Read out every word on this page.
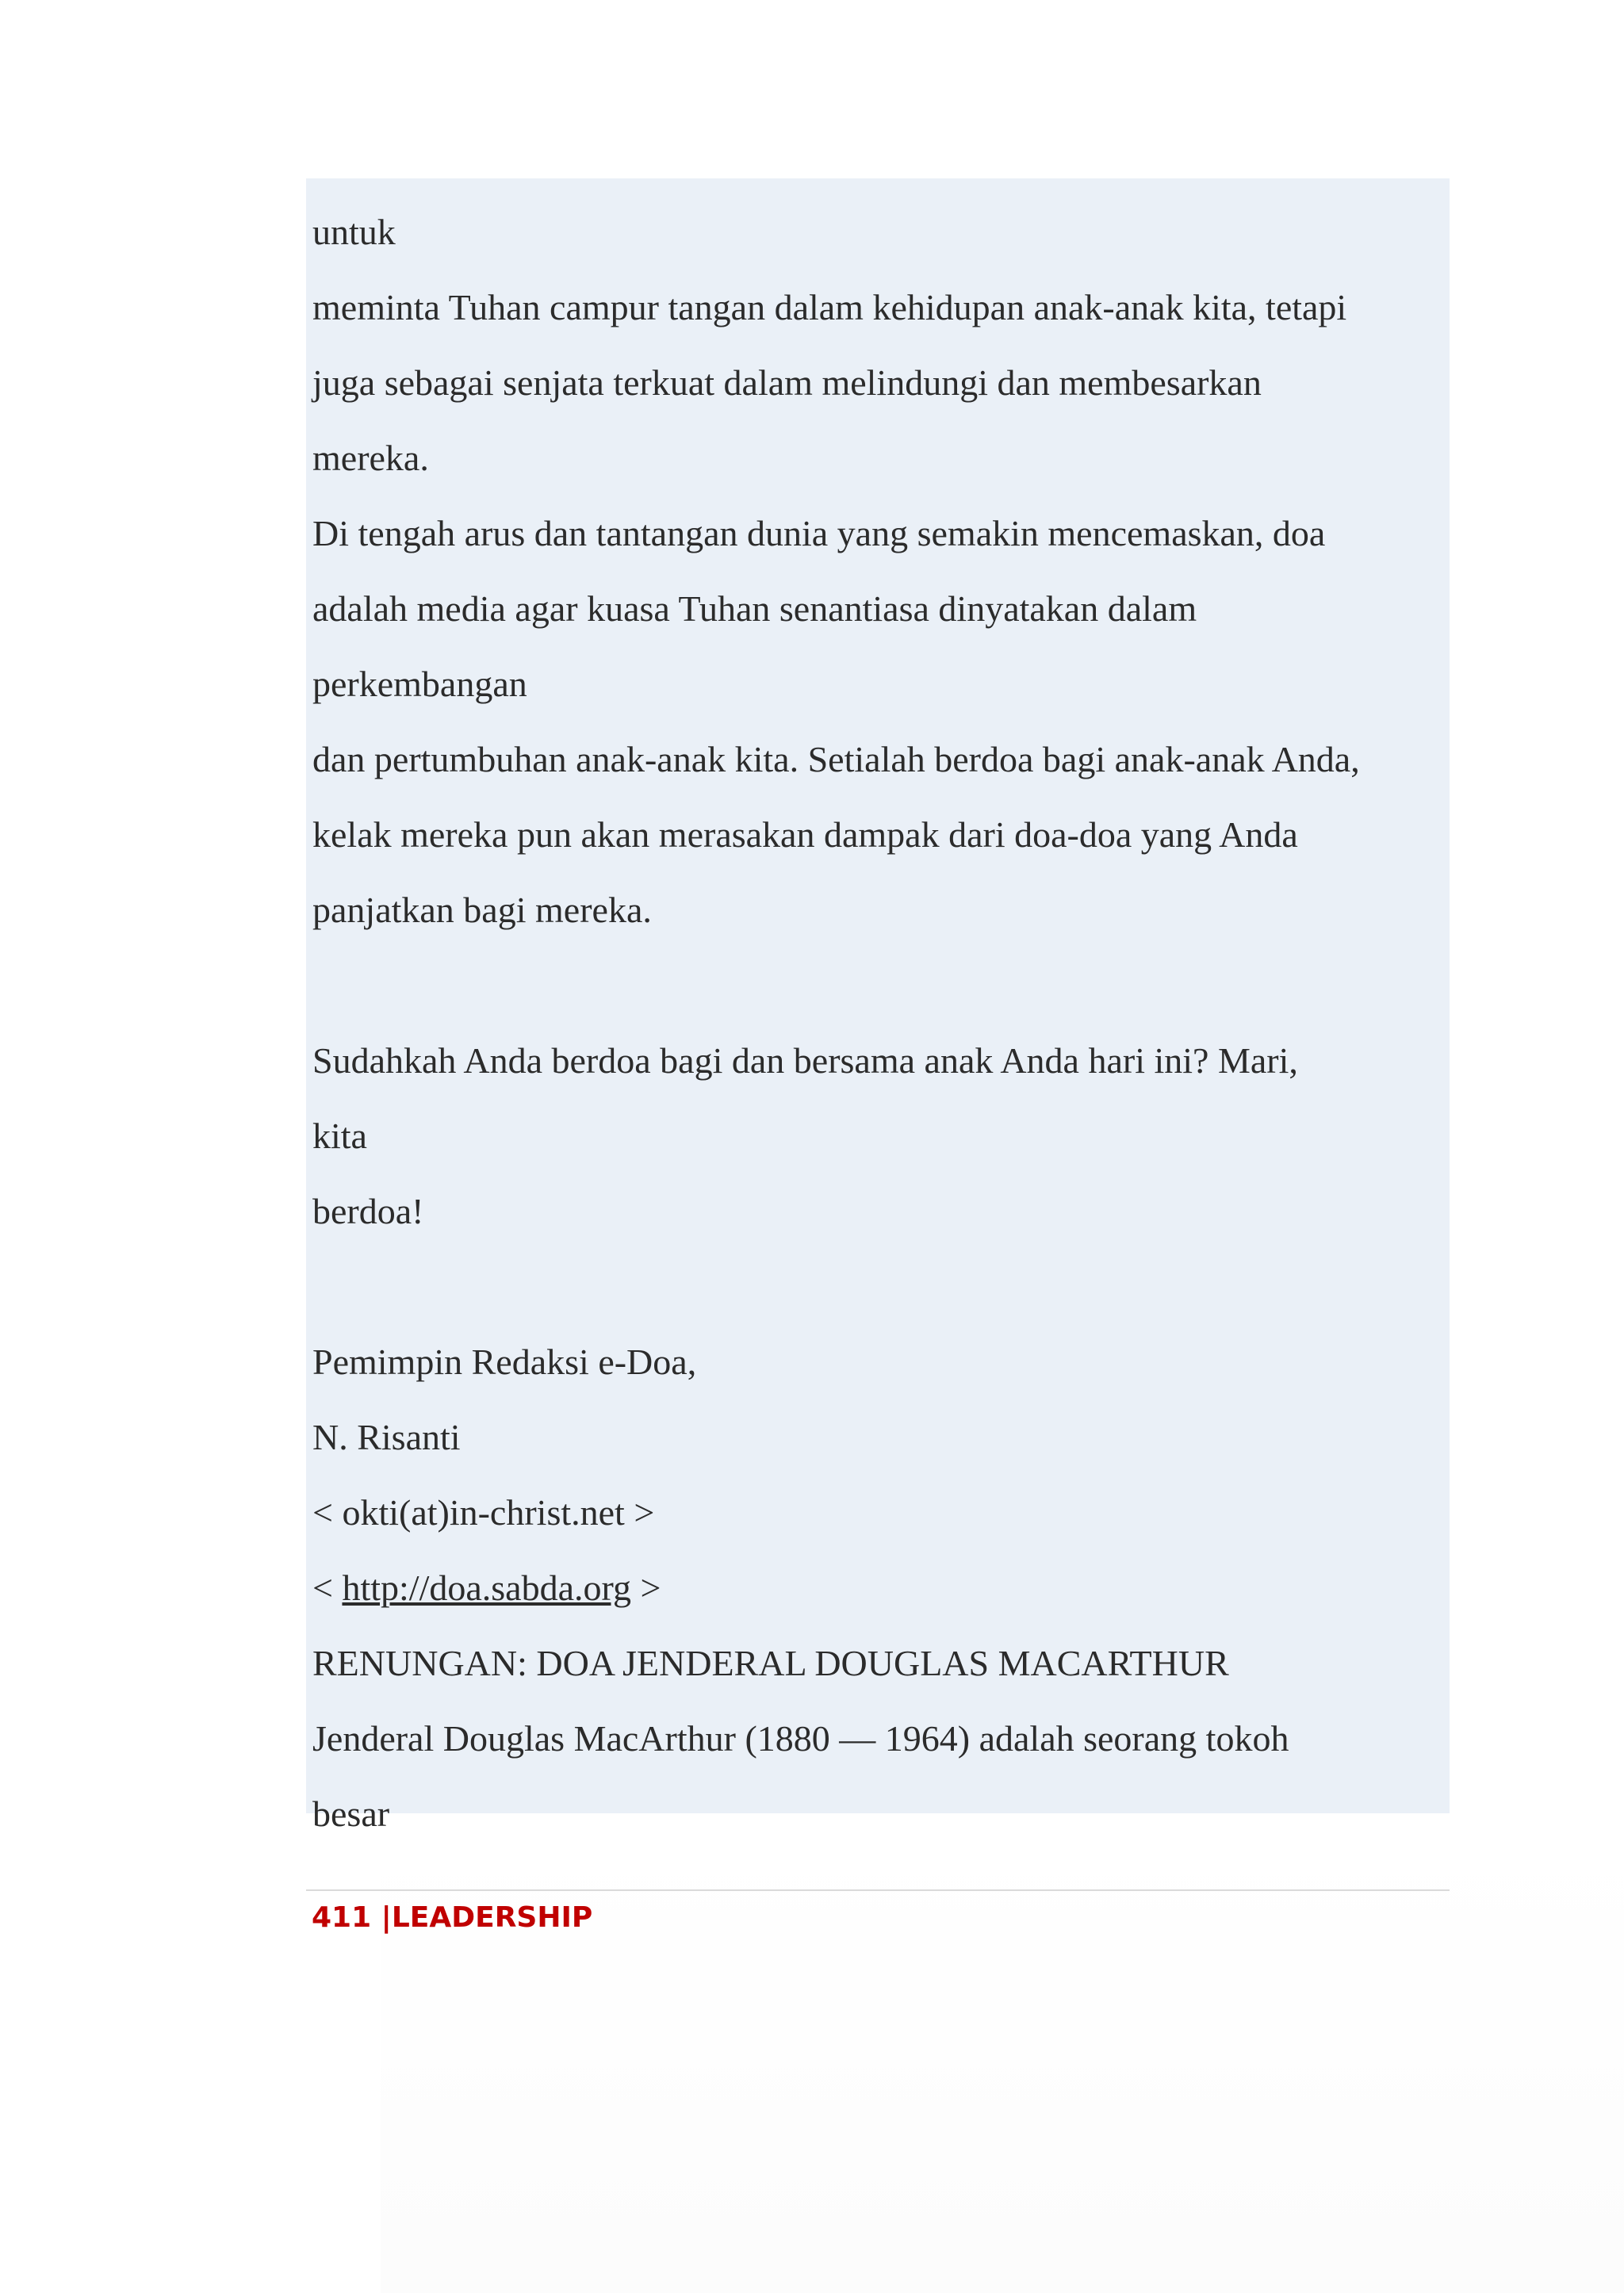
untuk
meminta Tuhan campur tangan dalam kehidupan anak-anak kita, tetapi
juga sebagai senjata terkuat dalam melindungi dan membesarkan
mereka.
Di tengah arus dan tantangan dunia yang semakin mencemaskan, doa
adalah media agar kuasa Tuhan senantiasa dinyatakan dalam
perkembangan
dan pertumbuhan anak-anak kita. Setialah berdoa bagi anak-anak Anda,
kelak mereka pun akan merasakan dampak dari doa-doa yang Anda
panjatkan bagi mereka.
Sudahkah Anda berdoa bagi dan bersama anak Anda hari ini? Mari,
kita
berdoa!
Pemimpin Redaksi e-Doa,
N. Risanti
< okti(at)in-christ.net >
< http://doa.sabda.org >
RENUNGAN: DOA JENDERAL DOUGLAS MACARTHUR
Jenderal Douglas MacArthur (1880 — 1964) adalah seorang tokoh
besar
411 |LEADERSHIP
